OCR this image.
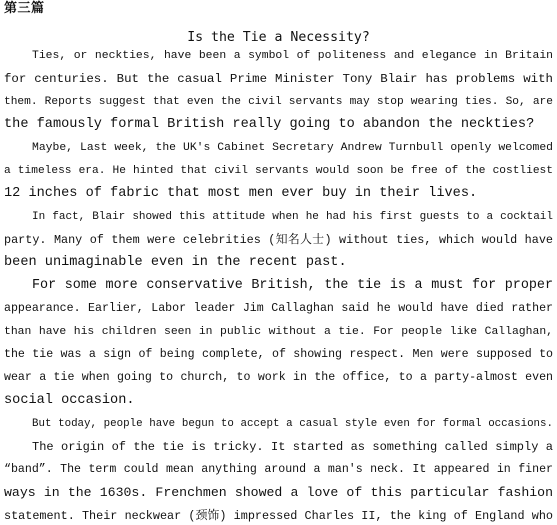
第三篇
Is the Tie a Necessity?
Ties, or neckties, have been a symbol of politeness and elegance in Britain
for centuries. But the casual Prime Minister Tony Blair has problems with
them. Reports suggest that even the civil servants may stop wearing ties. So, are
the famously formal British really going to abandon the neckties?
Maybe, Last week, the UK's Cabinet Secretary Andrew Turnbull openly welcomed
a timeless era. He hinted that civil servants would soon be free of the costliest
12 inches of fabric that most men ever buy in their lives.
In fact, Blair showed this attitude when he had his first guests to a cocktail
party. Many of them were celebrities (知名人士) without ties, which would have
been unimaginable even in the recent past.
For some more conservative British, the tie is a must for proper
appearance. Earlier, Labor leader Jim Callaghan said he would have died rather
than have his children seen in public without a tie. For people like Callaghan,
the tie was a sign of being complete, of showing respect. Men were supposed to
wear a tie when going to church, to work in the office, to a party-almost even
social occasion.
But today, people have begun to accept a casual style even for formal occasions.
The origin of the tie is tricky. It started as something called simply a
“band”. The term could mean anything around a man's neck. It appeared in finer
ways in the 1630s. Frenchmen showed a love of this particular fashion
statement. Their neckwear (颈饰) impressed Charles II, the king of England who
